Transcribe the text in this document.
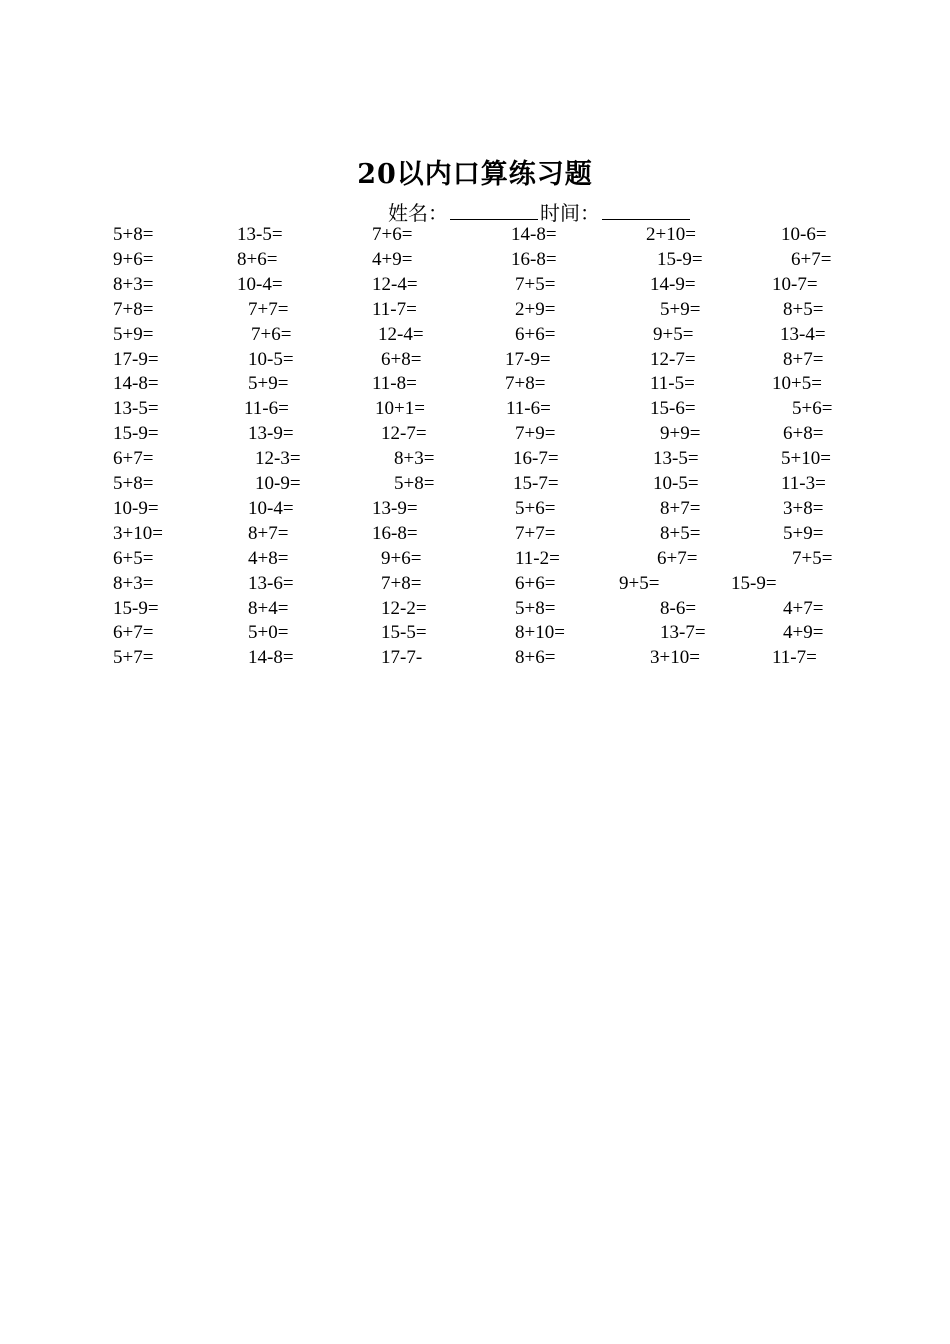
20以内口算练习题
姓名：	时间：
5+8=	13-5=	7+6=	14-8=	2+10=	10-6=
9+6=	8+6=	4+9=	16-8=	15-9=	6+7=
8+3=	10-4=	12-4=	7+5=	14-9=	10-7=
7+8=	7+7=	11-7=	2+9=	5+9=	8+5=
5+9=	7+6=	12-4=	6+6=	9+5=	13-4=
17-9=	10-5=	6+8=	17-9=	12-7=	8+7=
14-8=	5+9=	11-8=	7+8=	11-5=	10+5=
13-5=	11-6=	10+1=	11-6=	15-6=	5+6=
15-9=	13-9=	12-7=	7+9=	9+9=	6+8=
6+7=	12-3=	8+3=	16-7=	13-5=	5+10=
5+8=	10-9=	5+8=	15-7=	10-5=	11-3=
10-9=	10-4=	13-9=	5+6=	8+7=	3+8=
3+10=	8+7=	16-8=	7+7=	8+5=	5+9=
6+5=	4+8=	9+6=	11-2=	6+7=	7+5=
8+3=	13-6=	7+8=	6+6=	9+5=	15-9=
15-9=	8+4=	12-2=	5+8=	8-6=	4+7=
6+7=	5+0=	15-5=	8+10=	13-7=	4+9=
5+7=	14-8=	17-7-	8+6=	3+10=	11-7=
